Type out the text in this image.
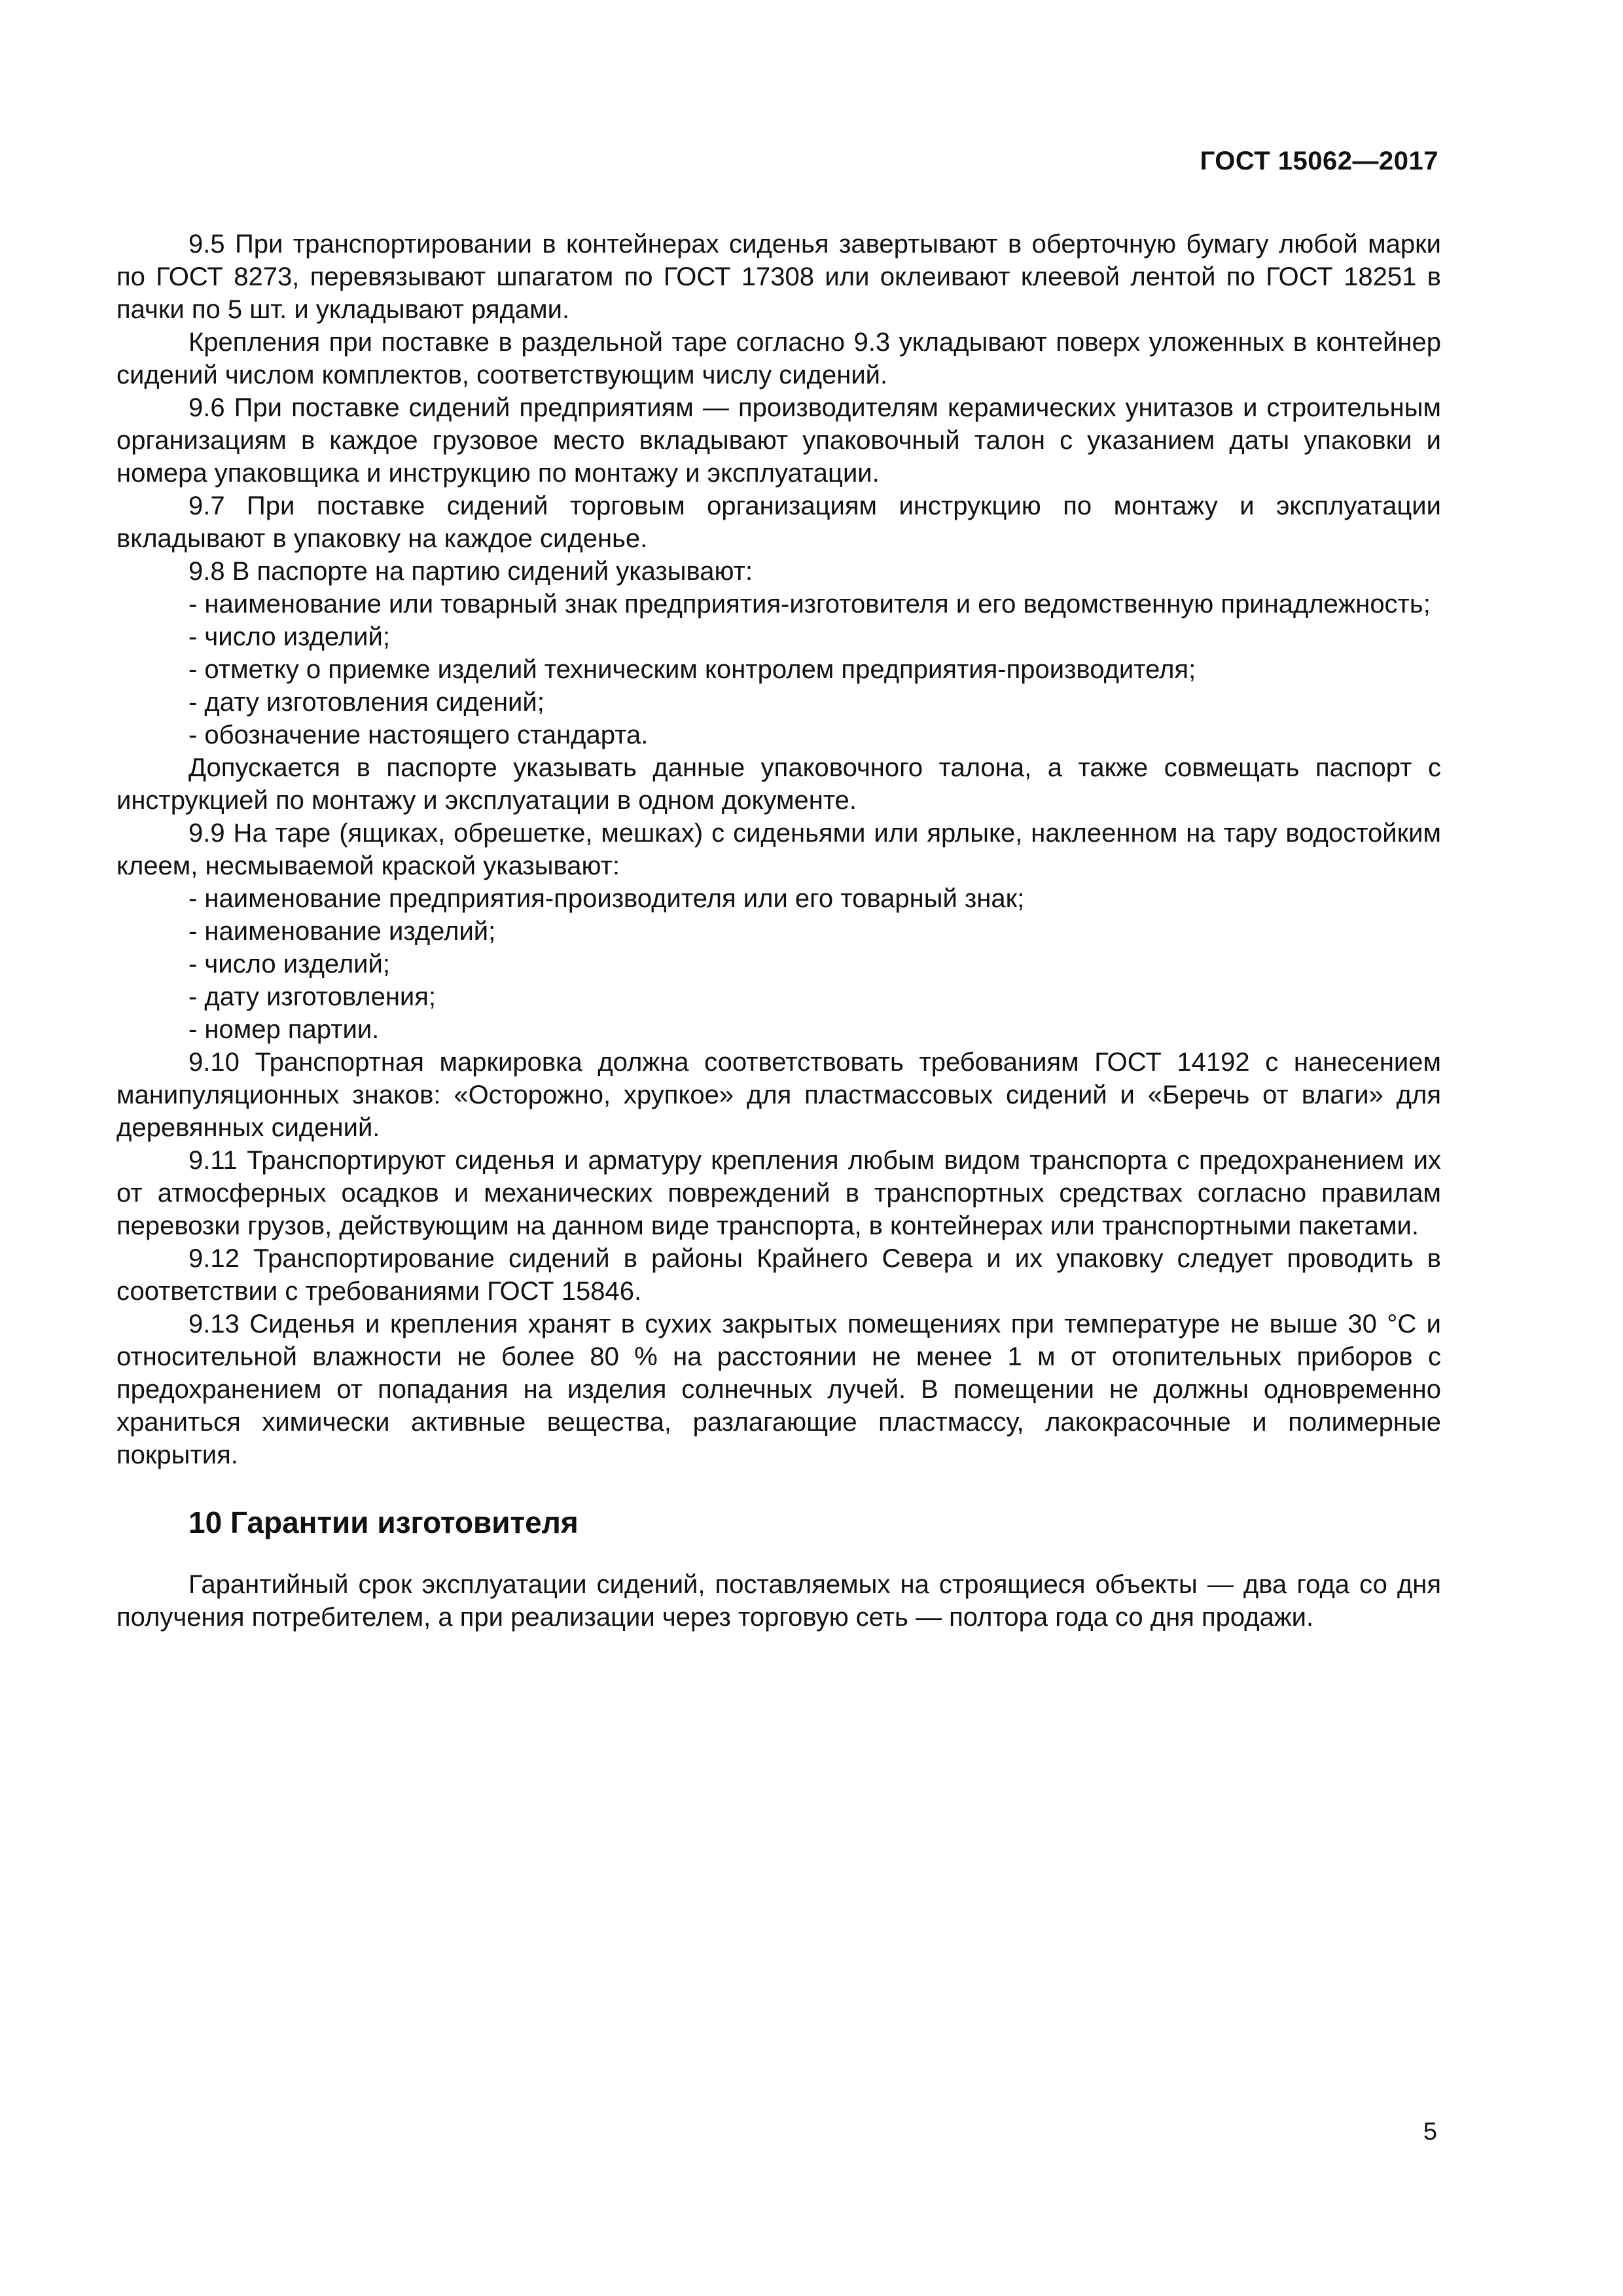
ГОСТ 15062—2017

9.5 При транспортировании в контейнерах сиденья завертывают в оберточную бумагу любой марки по ГОСТ 8273, перевязывают шпагатом по ГОСТ 17308 или оклеивают клеевой лентой по ГОСТ 18251 в пачки по 5 шт. и укладывают рядами.

Крепления при поставке в раздельной таре согласно 9.3 укладывают поверх уложенных в контейнер сидений числом комплектов, соответствующим числу сидений.

9.6 При поставке сидений предприятиям — производителям керамических унитазов и строительным организациям в каждое грузовое место вкладывают упаковочный талон с указанием даты упаковки и номера упаковщика и инструкцию по монтажу и эксплуатации.

9.7 При поставке сидений торговым организациям инструкцию по монтажу и эксплуатации вкладывают в упаковку на каждое сиденье.

9.8 В паспорте на партию сидений указывают:

- наименование или товарный знак предприятия-изготовителя и его ведомственную принадлежность;

- число изделий;

- отметку о приемке изделий техническим контролем предприятия-производителя;

- дату изготовления сидений;

- обозначение настоящего стандарта.

Допускается в паспорте указывать данные упаковочного талона, а также совмещать паспорт с инструкцией по монтажу и эксплуатации в одном документе.

9.9 На таре (ящиках, обрешетке, мешках) с сиденьями или ярлыке, наклеенном на тару водостойким клеем, несмываемой краской указывают:

- наименование предприятия-производителя или его товарный знак;

- наименование изделий;

- число изделий;

- дату изготовления;

- номер партии.

9.10 Транспортная маркировка должна соответствовать требованиям ГОСТ 14192 с нанесением манипуляционных знаков: «Осторожно, хрупкое» для пластмассовых сидений и «Беречь от влаги» для деревянных сидений.

9.11 Транспортируют сиденья и арматуру крепления любым видом транспорта с предохранением их от атмосферных осадков и механических повреждений в транспортных средствах согласно правилам перевозки грузов, действующим на данном виде транспорта, в контейнерах или транспортными пакетами.

9.12 Транспортирование сидений в районы Крайнего Севера и их упаковку следует проводить в соответствии с требованиями ГОСТ 15846.

9.13 Сиденья и крепления хранят в сухих закрытых помещениях при температуре не выше 30 °С и относительной влажности не более 80 % на расстоянии не менее 1 м от отопительных приборов с предохранением от попадания на изделия солнечных лучей. В помещении не должны одновременно храниться химически активные вещества, разлагающие пластмассу, лакокрасочные и полимерные покрытия.

10 Гарантии изготовителя

Гарантийный срок эксплуатации сидений, поставляемых на строящиеся объекты — два года со дня получения потребителем, а при реализации через торговую сеть — полтора года со дня продажи.

5
